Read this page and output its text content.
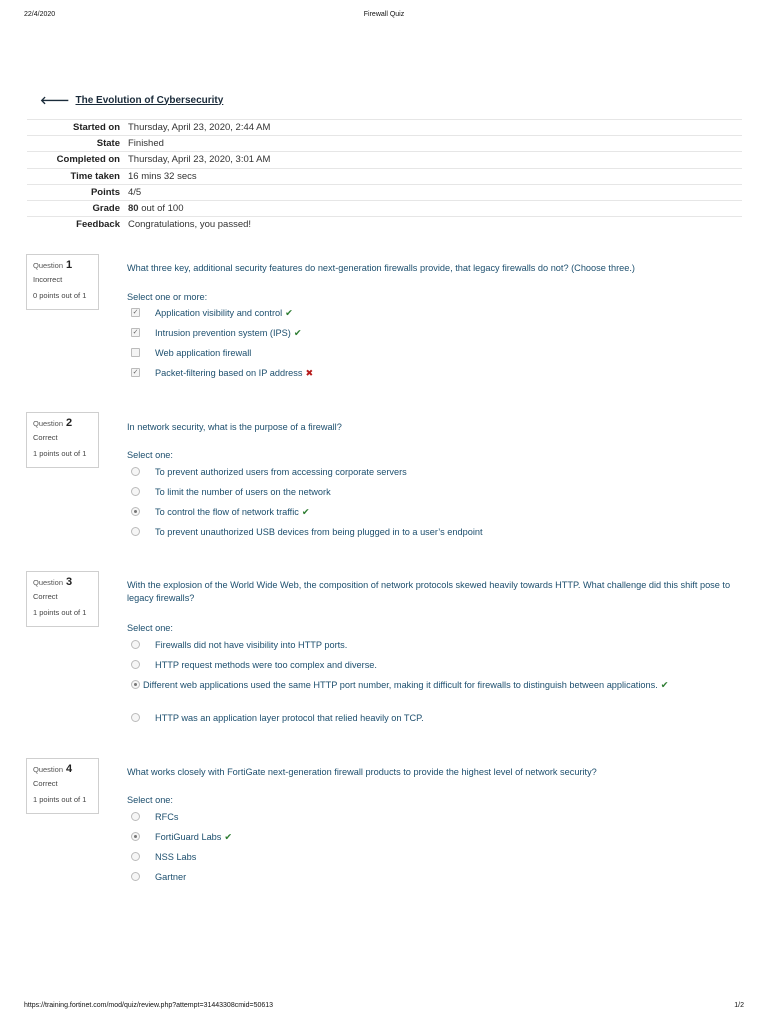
22/4/2020	Firewall Quiz
🡐 The Evolution of Cybersecurity
Started on	Thursday, April 23, 2020, 2:44 AM
State	Finished
Completed on	Thursday, April 23, 2020, 3:01 AM
Time taken	16 mins 32 secs
Points	4/5
Grade	80 out of 100
Feedback	Congratulations, you passed!
Question 1
Incorrect
0 points out of 1
What three key, additional security features do next-generation firewalls provide, that legacy firewalls do not? (Choose three.)
Select one or more:
✓	Application visibility and control ✔
✓	Intrusion prevention system (IPS) ✔
Web application firewall
✓	Packet-filtering based on IP address ✖
Question 2
Correct
1 points out of 1
In network security, what is the purpose of a firewall?
Select one:
To prevent authorized users from accessing corporate servers
To limit the number of users on the network
To control the flow of network traffic ✔
To prevent unauthorized USB devices from being plugged in to a user’s endpoint
Question 3
Correct
1 points out of 1
With the explosion of the World Wide Web, the composition of network protocols skewed heavily towards HTTP. What challenge did this shift pose to legacy firewalls?
Select one:
Firewalls did not have visibility into HTTP ports.
HTTP request methods were too complex and diverse.
Different web applications used the same HTTP port number, making it difficult for firewalls to distinguish between applications. ✔
HTTP was an application layer protocol that relied heavily on TCP.
Question 4
Correct
1 points out of 1
What works closely with FortiGate next-generation firewall products to provide the highest level of network security?
Select one:
RFCs
FortiGuard Labs ✔
NSS Labs
Gartner
https://training.fortinet.com/mod/quiz/review.php?attempt=31443308cmid=50613	1/2
